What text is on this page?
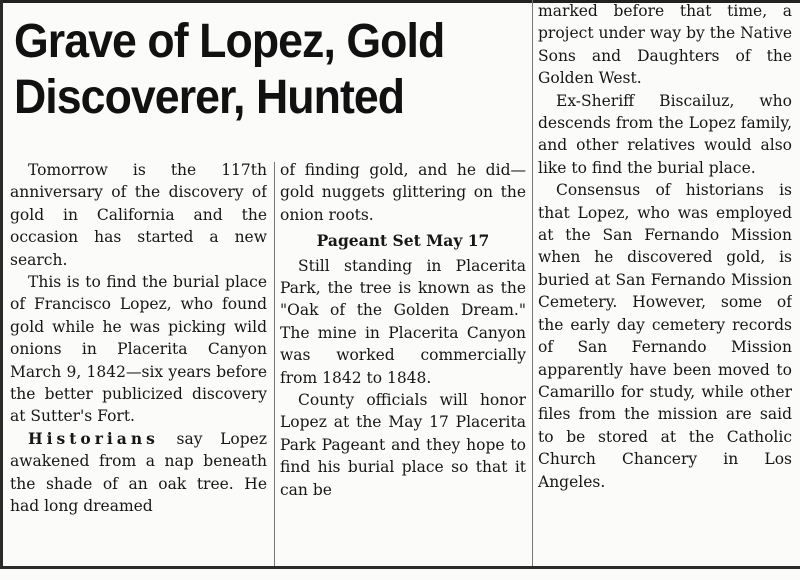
Grave of Lopez, Gold Discoverer, Hunted

Tomorrow is the 117th anniversary of the discovery of gold in California and the occasion has started a new search.

This is to find the burial place of Francisco Lopez, who found gold while he was picking wild onions in Placerita Canyon March 9, 1842—six years before the better publicized discovery at Sutter's Fort.

Historians say Lopez awakened from a nap beneath the shade of an oak tree. He had long dreamed

of finding gold, and he did—gold nuggets glittering on the onion roots.

Pageant Set May 17

Still standing in Placerita Park, the tree is known as the "Oak of the Golden Dream." The mine in Placerita Canyon was worked commercially from 1842 to 1848.

County officials will honor Lopez at the May 17 Placerita Park Pageant and they hope to find his burial place so that it can be

marked before that time, a project under way by the Native Sons and Daughters of the Golden West.

Ex-Sheriff Biscailuz, who descends from the Lopez family, and other relatives would also like to find the burial place.

Consensus of historians is that Lopez, who was employed at the San Fernando Mission when he discovered gold, is buried at San Fernando Mission Cemetery. However, some of the early day cemetery records of San Fernando Mission apparently have been moved to Camarillo for study, while other files from the mission are said to be stored at the Catholic Church Chancery in Los Angeles.
